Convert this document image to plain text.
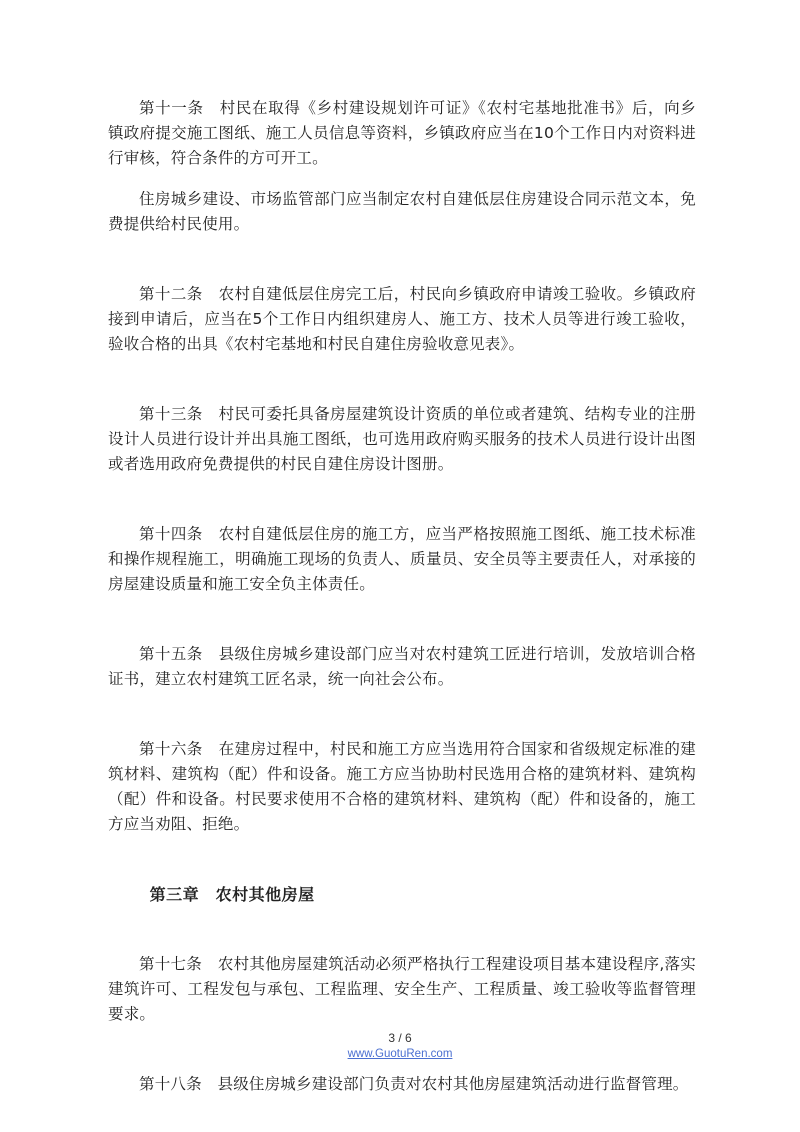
第十一条　村民在取得《乡村建设规划许可证》《农村宅基地批准书》后，向乡镇政府提交施工图纸、施工人员信息等资料，乡镇政府应当在10个工作日内对资料进行审核，符合条件的方可开工。

住房城乡建设、市场监管部门应当制定农村自建低层住房建设合同示范文本，免费提供给村民使用。

第十二条　农村自建低层住房完工后，村民向乡镇政府申请竣工验收。乡镇政府接到申请后，应当在5个工作日内组织建房人、施工方、技术人员等进行竣工验收，验收合格的出具《农村宅基地和村民自建住房验收意见表》。

第十三条　村民可委托具备房屋建筑设计资质的单位或者建筑、结构专业的注册设计人员进行设计并出具施工图纸，也可选用政府购买服务的技术人员进行设计出图或者选用政府免费提供的村民自建住房设计图册。

第十四条　农村自建低层住房的施工方，应当严格按照施工图纸、施工技术标准和操作规程施工，明确施工现场的负责人、质量员、安全员等主要责任人，对承接的房屋建设质量和施工安全负主体责任。

第十五条　县级住房城乡建设部门应当对农村建筑工匠进行培训，发放培训合格证书，建立农村建筑工匠名录，统一向社会公布。

第十六条　在建房过程中，村民和施工方应当选用符合国家和省级规定标准的建筑材料、建筑构（配）件和设备。施工方应当协助村民选用合格的建筑材料、建筑构（配）件和设备。村民要求使用不合格的建筑材料、建筑构（配）件和设备的，施工方应当劝阻、拒绝。

第三章　农村其他房屋

第十七条　农村其他房屋建筑活动必须严格执行工程建设项目基本建设程序,落实建筑许可、工程发包与承包、工程监理、安全生产、工程质量、竣工验收等监督管理要求。

第十八条　县级住房城乡建设部门负责对农村其他房屋建筑活动进行监督管理。

3 / 6
www.GuotuRen.com
